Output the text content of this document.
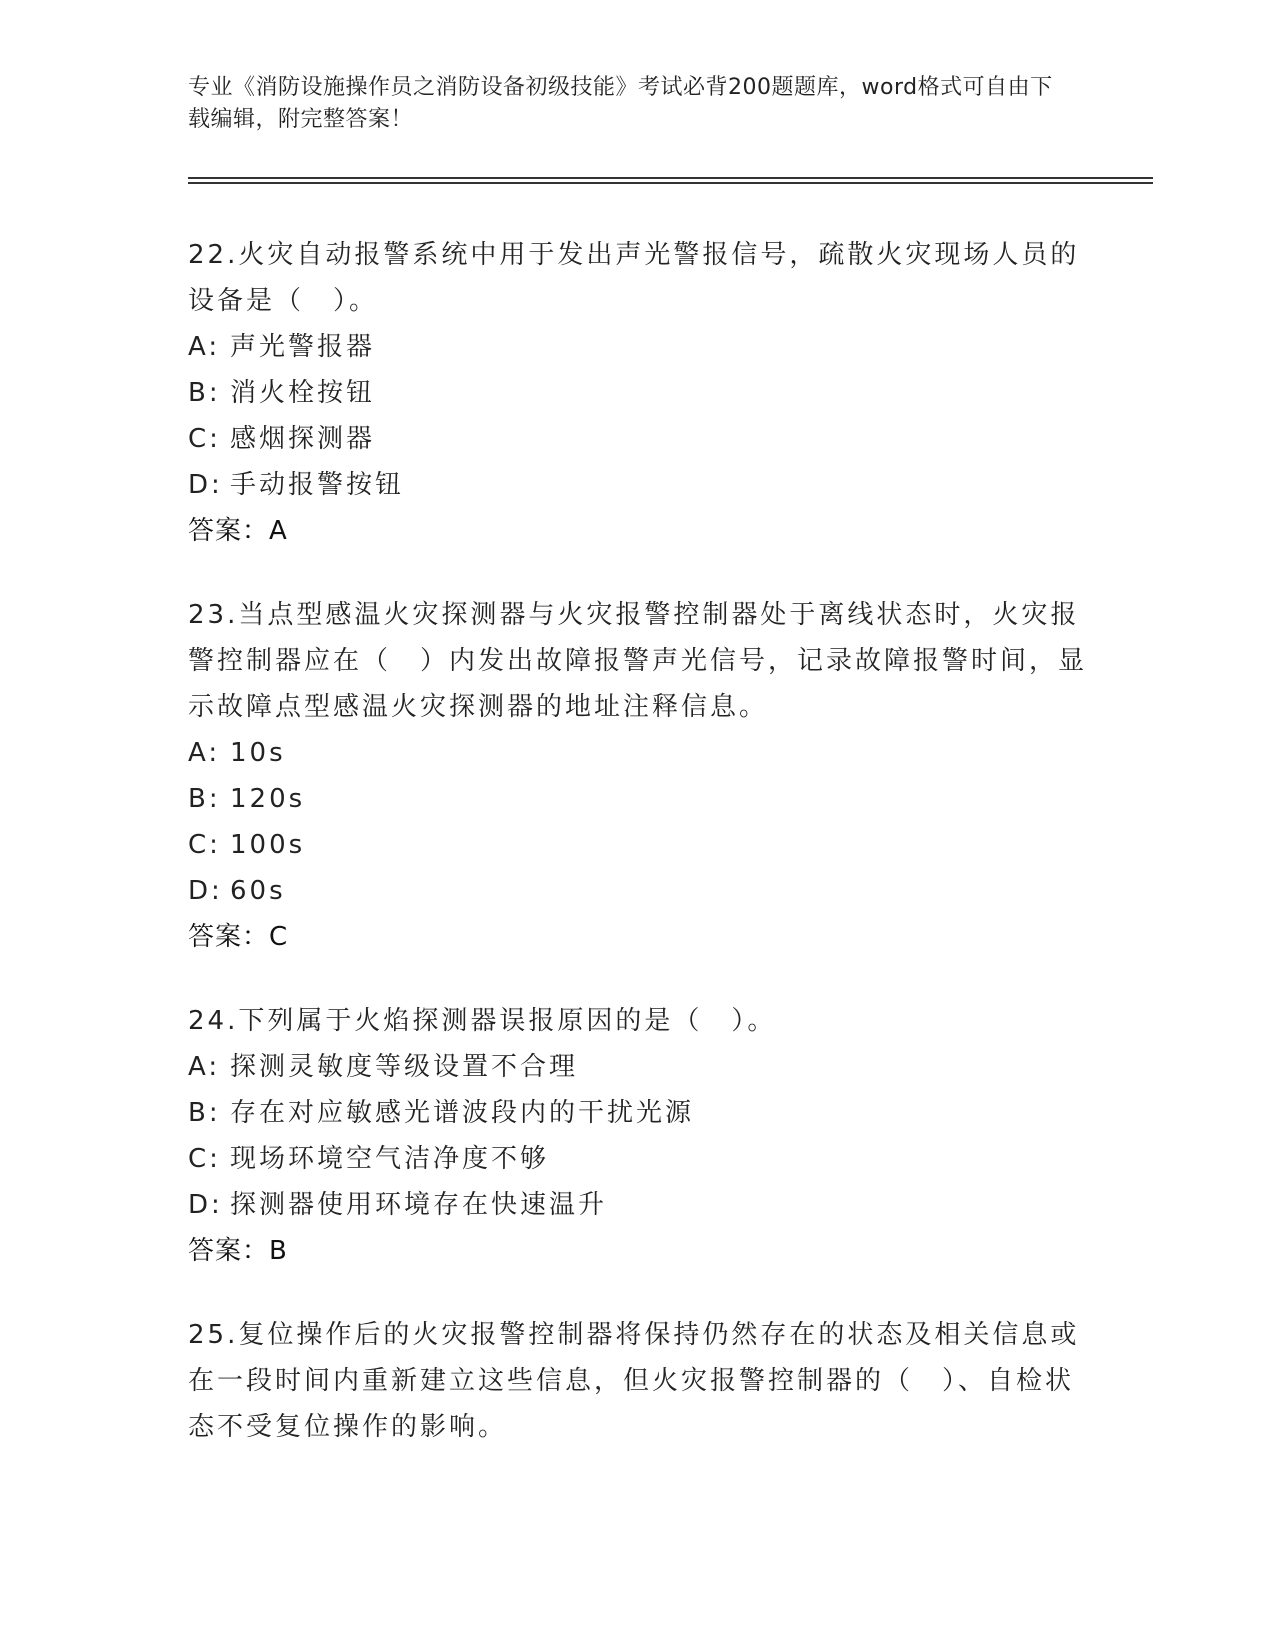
专业《消防设施操作员之消防设备初级技能》考试必背200题题库，word格式可自由下载编辑，附完整答案！

22.火灾自动报警系统中用于发出声光警报信号，疏散火灾现场人员的设备是（　）。

A: 声光警报器

B: 消火栓按钮

C: 感烟探测器

D: 手动报警按钮

答案：A

23.当点型感温火灾探测器与火灾报警控制器处于离线状态时，火灾报警控制器应在（　）内发出故障报警声光信号，记录故障报警时间，显示故障点型感温火灾探测器的地址注释信息。

A: 10s

B: 120s

C: 100s

D: 60s

答案：C

24.下列属于火焰探测器误报原因的是（　）。

A: 探测灵敏度等级设置不合理

B: 存在对应敏感光谱波段内的干扰光源

C: 现场环境空气洁净度不够

D: 探测器使用环境存在快速温升

答案：B

25.复位操作后的火灾报警控制器将保持仍然存在的状态及相关信息或在一段时间内重新建立这些信息，但火灾报警控制器的（　）、自检状态不受复位操作的影响。
